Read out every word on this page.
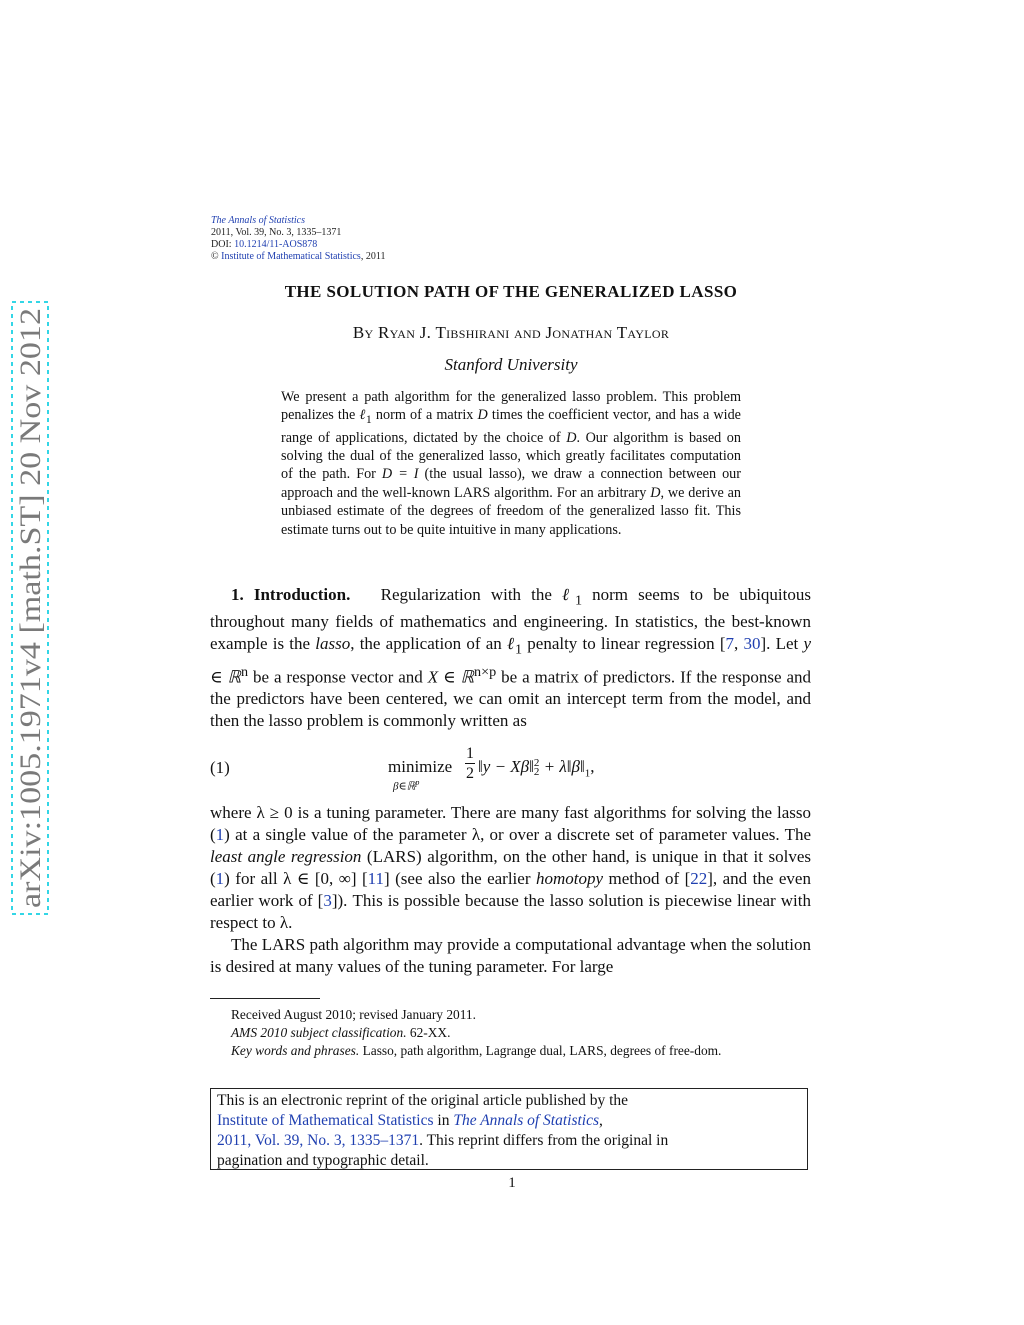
arXiv:1005.1971v4 [math.ST] 20 Nov 2012
The Annals of Statistics
2011, Vol. 39, No. 3, 1335–1371
DOI: 10.1214/11-AOS878
© Institute of Mathematical Statistics, 2011
THE SOLUTION PATH OF THE GENERALIZED LASSO
By Ryan J. Tibshirani and Jonathan Taylor
Stanford University
We present a path algorithm for the generalized lasso problem. This problem penalizes the ℓ$_1$ norm of a matrix D times the coefficient vector, and has a wide range of applications, dictated by the choice of D. Our algorithm is based on solving the dual of the generalized lasso, which greatly facilitates computation of the path. For D = I (the usual lasso), we draw a connection between our approach and the well-known LARS algorithm. For an arbitrary D, we derive an unbiased estimate of the degrees of freedom of the generalized lasso fit. This estimate turns out to be quite intuitive in many applications.
1. Introduction. Regularization with the ℓ$_1$ norm seems to be ubiquitous throughout many fields of mathematics and engineering. In statistics, the best-known example is the lasso, the application of an ℓ$_1$ penalty to linear regression [7, 30]. Let y ∈ ℝ$^n$ be a response vector and X ∈ ℝ$^{n\times p}$ be a matrix of predictors. If the response and the predictors have been centered, we can omit an intercept term from the model, and then the lasso problem is commonly written as
(1)	minimize
β∈ℝ$^p$
1
2 ‖y − Xβ‖ 2
$2 + \lambda‖\beta‖_1$,
where λ ≥ 0 is a tuning parameter. There are many fast algorithms for solving the lasso (1) at a single value of the parameter λ, or over a discrete set of parameter values. The least angle regression (LARS) algorithm, on the other hand, is unique in that it solves (1) for all λ ∈ [0, ∞] [11] (see also the earlier homotopy method of [22], and the even earlier work of [3]). This is possible because the lasso solution is piecewise linear with respect to λ.
The LARS path algorithm may provide a computational advantage when the solution is desired at many values of the tuning parameter. For large
Received August 2010; revised January 2011.
AMS 2010 subject classification. 62-XX.
Key words and phrases. Lasso, path algorithm, Lagrange dual, LARS, degrees of free-dom.
This is an electronic reprint of the original article published by the
Institute of Mathematical Statistics in The Annals of Statistics,
2011, Vol. 39, No. 3, 1335–1371. This reprint differs from the original in
pagination and typographic detail.
1
